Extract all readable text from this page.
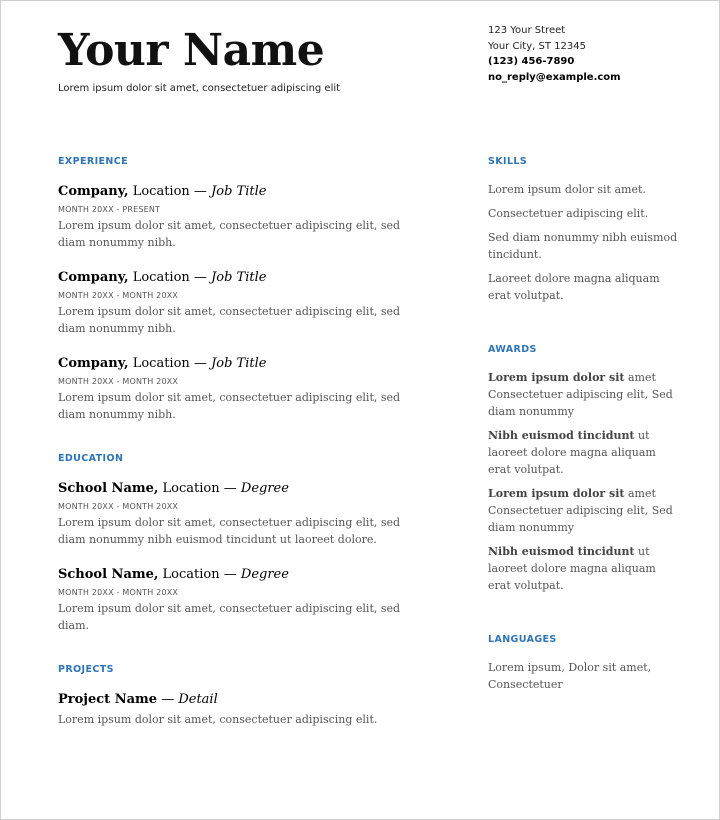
Your Name

Lorem ipsum dolor sit amet, consectetuer adipiscing elit

123 Your Street
Your City, ST 12345
(123) 456-7890
no_reply@example.com
EXPERIENCE

Company, Location — Job Title

MONTH 20XX - PRESENT

Lorem ipsum dolor sit amet, consectetuer adipiscing elit, sed diam nonummy nibh.

Company, Location — Job Title

MONTH 20XX - MONTH 20XX

Lorem ipsum dolor sit amet, consectetuer adipiscing elit, sed diam nonummy nibh.

Company, Location — Job Title

MONTH 20XX - MONTH 20XX

Lorem ipsum dolor sit amet, consectetuer adipiscing elit, sed diam nonummy nibh.

EDUCATION

School Name, Location — Degree

MONTH 20XX - MONTH 20XX

Lorem ipsum dolor sit amet, consectetuer adipiscing elit, sed diam nonummy nibh euismod tincidunt ut laoreet dolore.

School Name, Location — Degree

MONTH 20XX - MONTH 20XX

Lorem ipsum dolor sit amet, consectetuer adipiscing elit, sed diam.

PROJECTS

Project Name — Detail

Lorem ipsum dolor sit amet, consectetuer adipiscing elit.

SKILLS

Lorem ipsum dolor sit amet.

Consectetuer adipiscing elit.

Sed diam nonummy nibh euismod tincidunt.

Laoreet dolore magna aliquam erat volutpat.

AWARDS

Lorem ipsum dolor sit amet Consectetuer adipiscing elit, Sed diam nonummy

Nibh euismod tincidunt ut laoreet dolore magna aliquam erat volutpat.

Lorem ipsum dolor sit amet Consectetuer adipiscing elit, Sed diam nonummy

Nibh euismod tincidunt ut laoreet dolore magna aliquam erat volutpat.

LANGUAGES

Lorem ipsum, Dolor sit amet, Consectetuer
